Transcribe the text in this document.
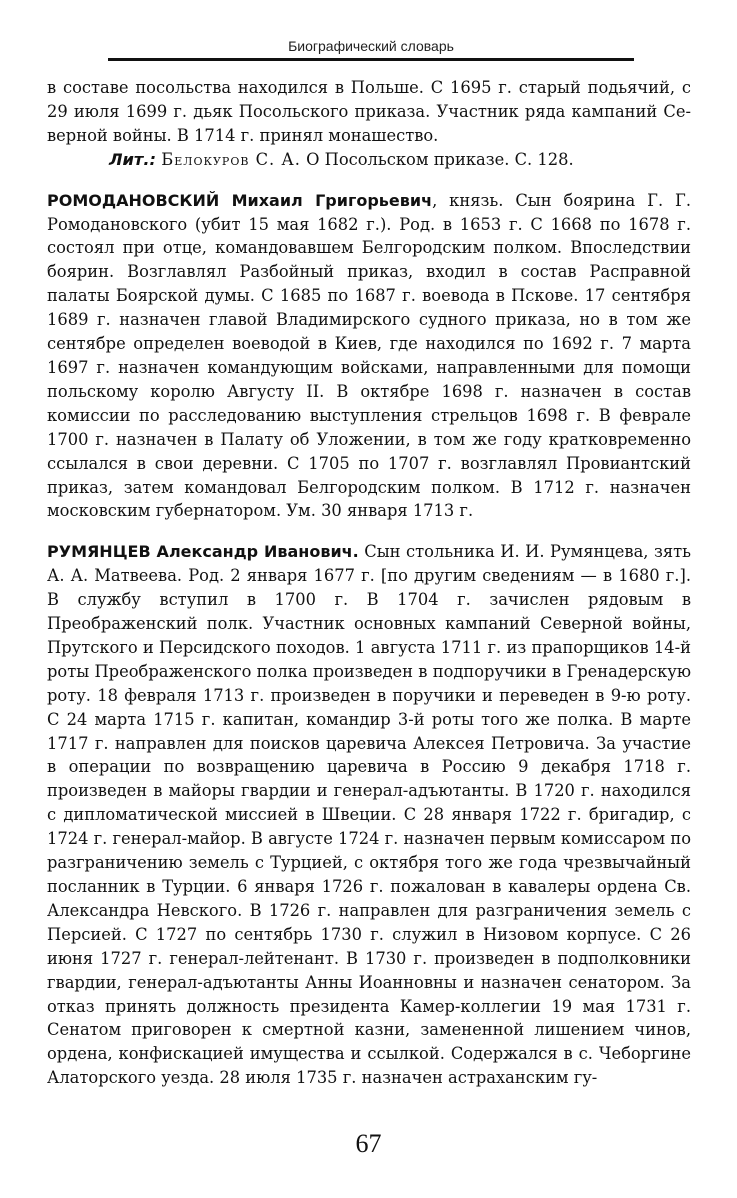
Биографический словарь

в составе посольства находился в Польше. С 1695 г. старый подьячий, с 29 июля 1699 г. дьяк Посольского приказа. Участник ряда кампаний Се- верной войны. В 1714 г. принял монашество.

Лит.: Белокуров С. А. О Посольском приказе. С. 128.

РОМОДАНОВСКИЙ Михаил Григорьевич, князь. Сын боярина Г. Г. Ромодановского (убит 15 мая 1682 г.). Род. в 1653 г. С 1668 по 1678 г. состоял при отце, командовавшем Белгородским полком. Впоследствии боярин. Возглавлял Разбойный приказ, входил в состав Расправной палаты Боярской думы. С 1685 по 1687 г. воевода в Пскове. 17 сентября 1689 г. назначен главой Владимирского судного приказа, но в том же сентябре определен воеводой в Киев, где находился по 1692 г. 7 марта 1697 г. назначен командующим войсками, направленными для помощи польскому королю Августу II. В октябре 1698 г. назначен в состав комиссии по расследованию выступления стрельцов 1698 г. В феврале 1700 г. назначен в Палату об Уложении, в том же году кратковременно ссылался в свои деревни. С 1705 по 1707 г. возглавлял Провиантский приказ, затем командовал Белгородским полком. В 1712 г. назначен московским губернатором. Ум. 30 января 1713 г.

РУМЯНЦЕВ Александр Иванович. Сын стольника И. И. Румянцева, зять А. А. Матвеева. Род. 2 января 1677 г. [по другим сведениям — в 1680 г.]. В службу вступил в 1700 г. В 1704 г. зачислен рядовым в Преображенский полк. Участник основных кампаний Северной войны, Прутского и Персидского походов. 1 августа 1711 г. из прапорщиков 14-й роты Преображенского полка произведен в подпоручики в Гренадерскую роту. 18 февраля 1713 г. произведен в поручики и переведен в 9-ю роту. С 24 марта 1715 г. капитан, командир 3-й роты того же полка. В марте 1717 г. направлен для поисков царевича Алексея Петровича. За участие в операции по возвращению царевича в Россию 9 декабря 1718 г. произведен в майоры гвардии и генерал-адъютанты. В 1720 г. находился с дипломатической миссией в Швеции. С 28 января 1722 г. бригадир, с 1724 г. генерал-майор. В августе 1724 г. назначен первым комиссаром по разграничению земель с Турцией, с октября того же года чрезвычайный посланник в Турции. 6 января 1726 г. пожалован в кавалеры ордена Св. Александра Невского. В 1726 г. направлен для разграничения земель с Персией. С 1727 по сентябрь 1730 г. служил в Низовом корпусе. С 26 июня 1727 г. генерал-лейтенант. В 1730 г. произведен в подполковники гвардии, генерал-адъютанты Анны Иоанновны и назначен сенатором. За отказ принять должность президента Камер-коллегии 19 мая 1731 г. Сенатом приговорен к смертной казни, замененной лишением чинов, ордена, конфискацией имущества и ссылкой. Содержался в с. Чебоpгине Алаторского уезда. 28 июля 1735 г. назначен астраханским гу-

67
